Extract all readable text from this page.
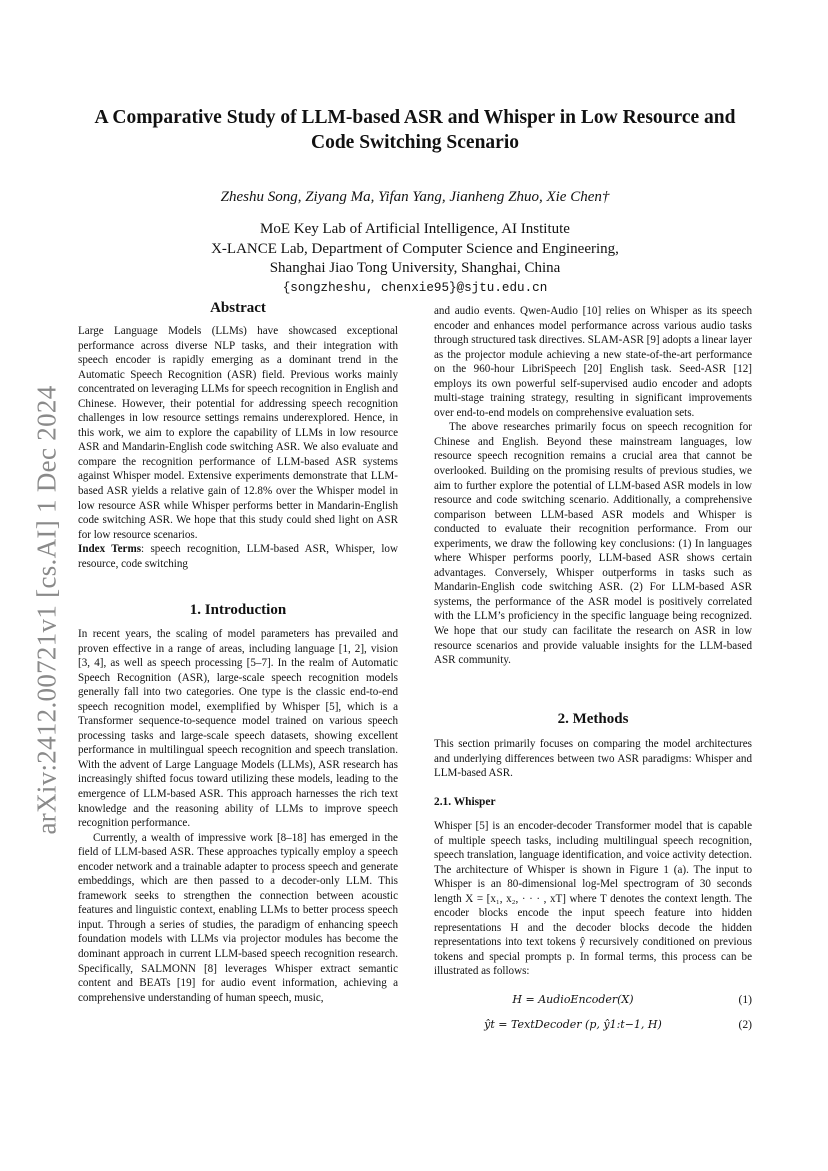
arXiv:2412.00721v1 [cs.AI] 1 Dec 2024
A Comparative Study of LLM-based ASR and Whisper in Low Resource and Code Switching Scenario
Zheshu Song, Ziyang Ma, Yifan Yang, Jianheng Zhuo, Xie Chen†
MoE Key Lab of Artificial Intelligence, AI Institute
X-LANCE Lab, Department of Computer Science and Engineering,
Shanghai Jiao Tong University, Shanghai, China
{songzheshu, chenxie95}@sjtu.edu.cn
Abstract

Large Language Models (LLMs) have showcased exceptional performance across diverse NLP tasks, and their integration with speech encoder is rapidly emerging as a dominant trend in the Automatic Speech Recognition (ASR) field. Previous works mainly concentrated on leveraging LLMs for speech recognition in English and Chinese. However, their potential for addressing speech recognition challenges in low resource settings remains underexplored. Hence, in this work, we aim to explore the capability of LLMs in low resource ASR and Mandarin-English code switching ASR. We also evaluate and compare the recognition performance of LLM-based ASR systems against Whisper model. Extensive experiments demonstrate that LLM-based ASR yields a relative gain of 12.8% over the Whisper model in low resource ASR while Whisper performs better in Mandarin-English code switching ASR. We hope that this study could shed light on ASR for low resource scenarios.

Index Terms: speech recognition, LLM-based ASR, Whisper, low resource, code switching

1. Introduction

In recent years, the scaling of model parameters has prevailed and proven effective in a range of areas, including language [1, 2], vision [3, 4], as well as speech processing [5–7]. In the realm of Automatic Speech Recognition (ASR), large-scale speech recognition models generally fall into two categories. One type is the classic end-to-end speech recognition model, exemplified by Whisper [5], which is a Transformer sequence-to-sequence model trained on various speech processing tasks and large-scale speech datasets, showing excellent performance in multilingual speech recognition and speech translation. With the advent of Large Language Models (LLMs), ASR research has increasingly shifted focus toward utilizing these models, leading to the emergence of LLM-based ASR. This approach harnesses the rich text knowledge and the reasoning ability of LLMs to improve speech recognition performance.

Currently, a wealth of impressive work [8–18] has emerged in the field of LLM-based ASR. These approaches typically employ a speech encoder network and a trainable adapter to process speech and generate embeddings, which are then passed to a decoder-only LLM. This framework seeks to strengthen the connection between acoustic features and linguistic context, enabling LLMs to better process speech input. Through a series of studies, the paradigm of enhancing speech foundation models with LLMs via projector modules has become the dominant approach in current LLM-based speech recognition research. Specifically, SALMONN [8] leverages Whisper extract semantic content and BEATs [19] for audio event information, achieving a comprehensive understanding of human speech, music,

and audio events. Qwen-Audio [10] relies on Whisper as its speech encoder and enhances model performance across various audio tasks through structured task directives. SLAM-ASR [9] adopts a linear layer as the projector module achieving a new state-of-the-art performance on the 960-hour LibriSpeech [20] English task. Seed-ASR [12] employs its own powerful self-supervised audio encoder and adopts multi-stage training strategy, resulting in significant improvements over end-to-end models on comprehensive evaluation sets.

The above researches primarily focus on speech recognition for Chinese and English. Beyond these mainstream languages, low resource speech recognition remains a crucial area that cannot be overlooked. Building on the promising results of previous studies, we aim to further explore the potential of LLM-based ASR models in low resource and code switching scenario. Additionally, a comprehensive comparison between LLM-based ASR models and Whisper is conducted to evaluate their recognition performance. From our experiments, we draw the following key conclusions: (1) In languages where Whisper performs poorly, LLM-based ASR shows certain advantages. Conversely, Whisper outperforms in tasks such as Mandarin-English code switching ASR. (2) For LLM-based ASR systems, the performance of the ASR model is positively correlated with the LLM’s proficiency in the specific language being recognized. We hope that our study can facilitate the research on ASR in low resource scenarios and provide valuable insights for the LLM-based ASR community.

2. Methods

This section primarily focuses on comparing the model architectures and underlying differences between two ASR paradigms: Whisper and LLM-based ASR.

2.1. Whisper

Whisper [5] is an encoder-decoder Transformer model that is capable of multiple speech tasks, including multilingual speech recognition, speech translation, language identification, and voice activity detection. The architecture of Whisper is shown in Figure 1 (a). The input to Whisper is an 80-dimensional log-Mel spectrogram of 30 seconds length X = [x₁, x₂, · · · , xT] where T denotes the context length. The encoder blocks encode the input speech feature into hidden representations H and the decoder blocks decode the hidden representations into text tokens ŷ recursively conditioned on previous tokens and special prompts p. In formal terms, this process can be illustrated as follows:

H = AudioEncoder(X)	(1)
ŷt = TextDecoder (p, ŷ1:t−1, H)	(2)
